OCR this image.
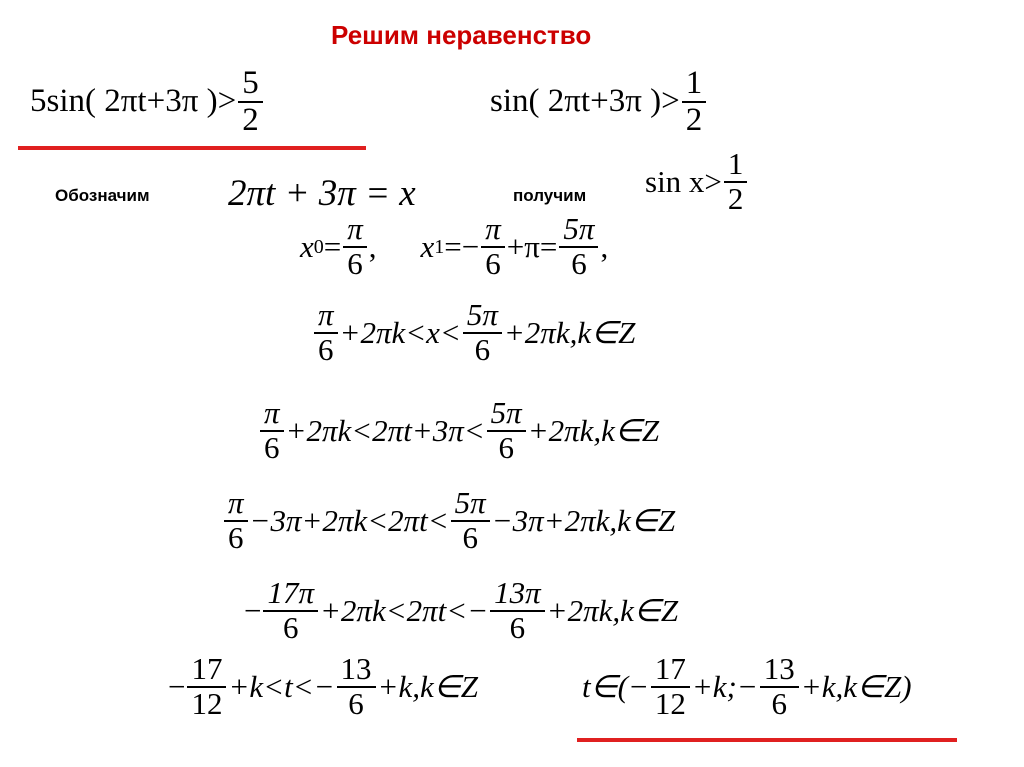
Решим неравенство
5sin( 2πt+3π )> $\frac{5}{2}$	sin( 2πt+3π )> $\frac{1}{2}$
Обозначим 2πt + 3π = x	получим $\sin x> \frac{1}{2}$
x $0 = \frac{\pi}{6}$ , x $1 =- \frac{\pi}{6} +\pi= \frac{5\pi}{6}$ ,
$\frac{\pi}{6} +2\pi k<x< \frac{5\pi}{6}$ +2πk,k∈Z
$\frac{\pi}{6} +2\pi k<2\pi t+3\pi< \frac{5\pi}{6}$ +2πk,k∈Z
$\frac{\pi}{6} -3\pi+2\pi k<2\pi t< \frac{5\pi}{6}$ −3π+2πk,k∈Z
− $\frac{17\pi}{6} +2\pi k<2\pi t<- \frac{13\pi}{6}$ +2πk,k∈Z
− $\frac{17}{12} +k<t<- \frac{13}{6}$ +k,k∈Z	t∈(− $\frac{17}{12}$ +k;− $\frac{13}{6}$ +k,k∈Z)
